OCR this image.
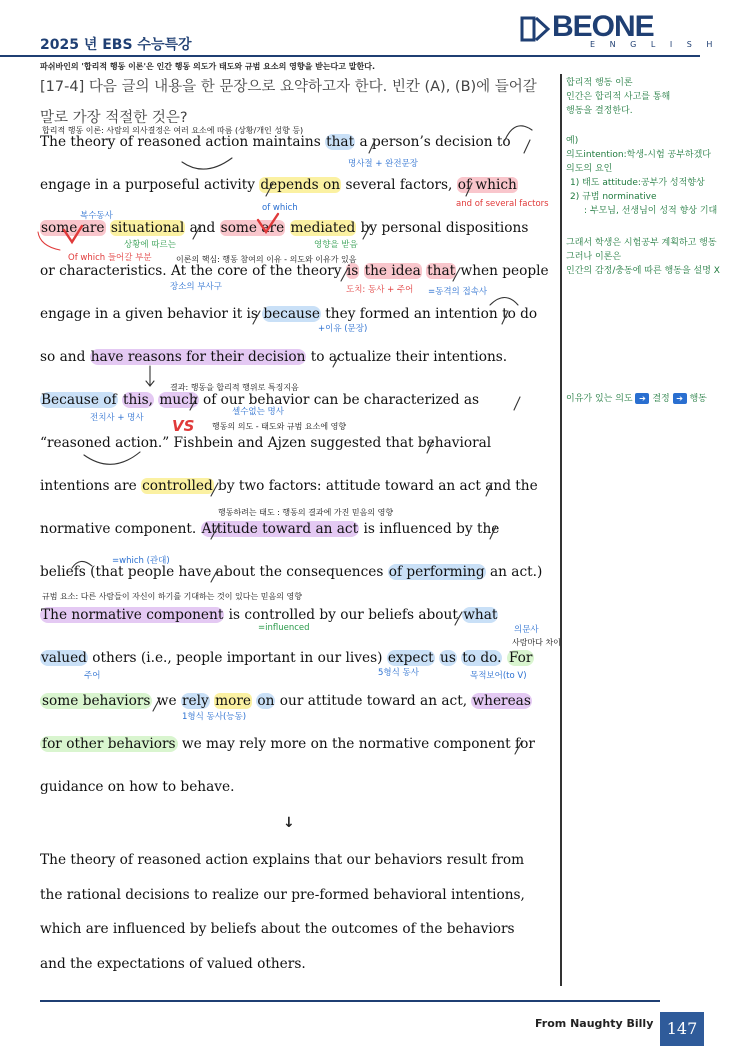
2025 년 EBS 수능특강
BEONE
E N G L I S H
파쉬바인의 '합리적 행동 이론'은 인간 행동 의도가 태도와 규범 요소의 영향을 받는다고 말한다.
[17-4] 다음 글의 내용을 한 문장으로 요약하고자 한다. 빈칸 (A), (B)에 들어갈
말로 가장 적절한 것은?
The theory of reasoned action maintains that a person’s decision to
engage in a purposeful activity depends on several factors, of which
some are situational and some are mediated by personal dispositions
or characteristics. At the core of the theory is the idea that when people
engage in a given behavior it is because they formed an intention to do
so and have reasons for their decision to actualize their intentions.
Because of this, much of our behavior can be characterized as
“reasoned action.” Fishbein and Ajzen suggested that behavioral
intentions are controlled by two factors: attitude toward an act and the
normative component. Attitude toward an act is influenced by the
beliefs (that people have about the consequences of performing an act.)
The normative component is controlled by our beliefs about what
valued others (i.e., people important in our lives) expect us to do. For
some behaviors we rely more on our attitude toward an act, whereas
for other behaviors we may rely more on the normative component for
guidance on how to behave.
합리적 행동 이론: 사람의 의사결정은 여러 요소에 따름 (상황/개인 성향 등)
명사절 + 완전문장
and of several factors
복수동사
of which
상황에 따르는	영향을 받음
Of which 들어갈 부분	이론의 핵심: 행동 참여의 이유 - 의도와 이유가 있음
장소의 부사구	도치: 동사 + 주어 =동격의 접속사
+이유 (문장)
결과: 행동을 합리적 행위로 특징지음
전치사 + 명사
셀수없는 명사
VS 행동의 의도 - 태도와 규범 요소에 영향
행동하려는 태도 : 행동의 결과에 가진 믿음의 영향
=which (관대)
규범 요소: 다른 사람들이 자신이 하기를 기대하는 것이 있다는 믿음의 영향
=influenced	의문사
사람마다 차이
주어	5형식 동사	목적보어(to V)
1형식 동사(능동)
합리적 행동 이론
인간은 합리적 사고를 통해
행동을 결정한다.
예)
의도intention:학생-시험 공부하겠다
의도의 요인
1) 태도 attitude:공부가 성적향상
2) 규범 norminative
: 부모님, 선생님이 성적 향상 기대
그래서 학생은 시험공부 계획하고 행동
그러나 이론은
인간의 감정/충동에 따른 행동을 설명 X
이유가 있는 의도 ➔ 결정 ➔ 행동
↓
The theory of reasoned action explains that our behaviors result from
the rational decisions to realize our pre-formed behavioral intentions,
which are influenced by beliefs about the outcomes of the behaviors
and the expectations of valued others.
From Naughty Billy 147
